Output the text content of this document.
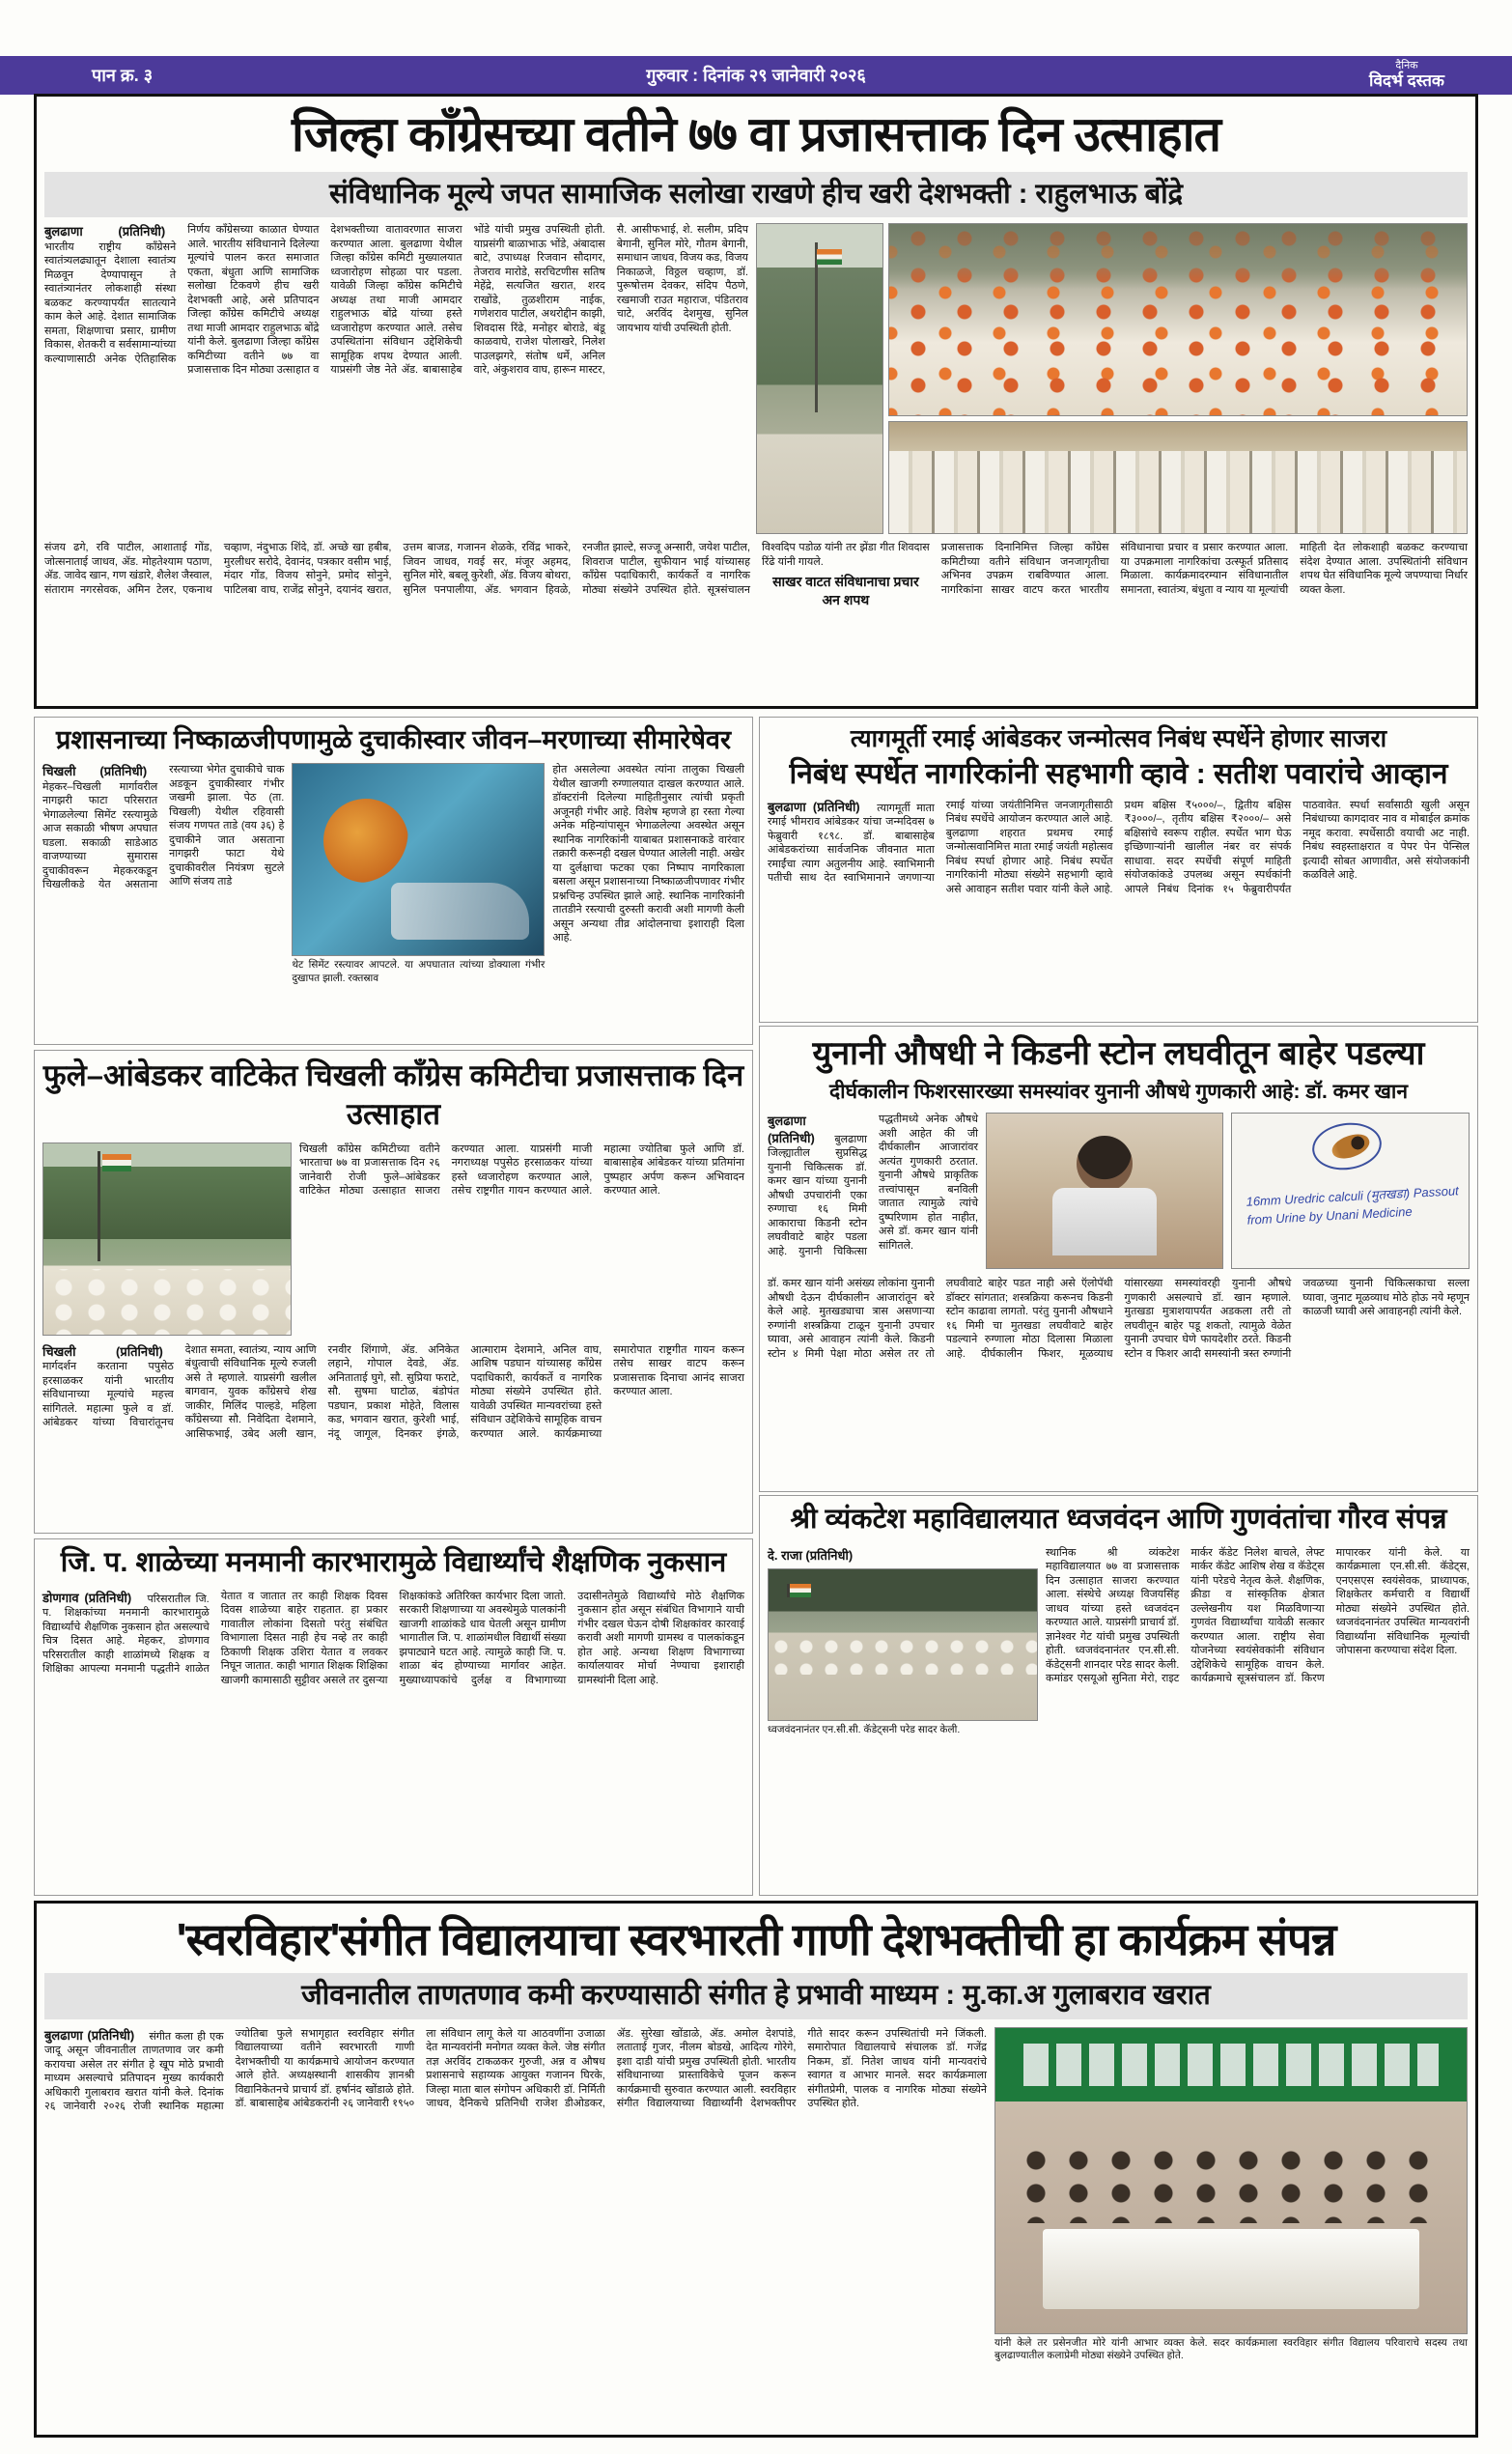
पान क्र. ३	गुरुवार : दिनांक २९ जानेवारी २०२६	दैनिक
विदर्भ दस्तक
जिल्हा काँग्रेसच्या वतीने ७७ वा प्रजासत्ताक दिन उत्साहात
संविधानिक मूल्ये जपत सामाजिक सलोखा राखणे हीच खरी देशभक्ती : राहुलभाऊ बोंद्रे
बुलढाणा (प्रतिनिधी)  भारतीय राष्ट्रीय काँग्रेसने स्वातंत्र्यलढ्यातून देशाला स्वातंत्र्य मिळवून देण्यापासून ते स्वातंत्र्यानंतर लोकशाही संस्था बळकट करण्यापर्यंत सातत्याने काम केले आहे. देशात सामाजिक समता, शिक्षणाचा प्रसार, ग्रामीण विकास, शेतकरी व सर्वसामान्यांच्या कल्याणासाठी अनेक ऐतिहासिक निर्णय काँग्रेसच्या काळात घेण्यात आले. भारतीय संविधानाने दिलेल्या मूल्यांचे पालन करत समाजात एकता, बंधुता आणि सामाजिक सलोखा टिकवणे हीच खरी देशभक्ती आहे, असे प्रतिपादन जिल्हा काँग्रेस कमिटीचे अध्यक्ष तथा माजी आमदार राहुलभाऊ बोंद्रे यांनी केले. बुलढाणा जिल्हा काँग्रेस कमिटीच्या वतीने ७७ वा प्रजासत्ताक दिन मोठ्या उत्साहात व देशभक्तीच्या वातावरणात साजरा करण्यात आला. बुलढाणा येथील जिल्हा काँग्रेस कमिटी मुख्यालयात ध्वजारोहण सोहळा पार पडला. यावेळी जिल्हा काँग्रेस कमिटीचे अध्यक्ष तथा माजी आमदार राहुलभाऊ बोंद्रे यांच्या हस्ते ध्वजारोहण करण्यात आले. तसेच उपस्थितांना संविधान उद्देशिकेची सामूहिक शपथ देण्यात आली. याप्रसंगी जेष्ठ नेते ॲड. बाबासाहेब भोंडे यांची प्रमुख उपस्थिती होती. याप्रसंगी बाळाभाऊ भोंडे, अंबादास बाटे, उपाध्यक्ष रिजवान सौदागर, तेजराव मारोडे, सरचिटणीस सतिष मेहेंद्रे, सत्यजित खरात, शरद राखोंडे, तुळशीराम नाईक, गणेशराव पाटील, अथरोद्दीन काझी, शिवदास रिंढे, मनोहर बोराडे, बंडू काळवाघे, राजेश पोलाखरे, निलेश पाउलझगरे, संतोष धर्मे, अनिल वारे, अंकुशराव वाघ, हारून मास्टर, सै. आसीफभाई, शे. सलीम, प्रदिप बेगानी, सुनिल मोरे, गौतम बेगानी, समाधान जाधव, विजय कड, विजय निकाळजे, विठ्ठल चव्हाण, डॉ. पुरूषोत्तम देवकर, संदिप पैठणे, रखमाजी राउत महाराज, पंडितराव चाटे, अरविंद देशमुख, सुनिल जायभाय यांची उपस्थिती होती.
संजय ढगे, रवि पाटील, आशाताई गोंड, जोत्सनाताई जाधव, ॲड. मोहतेश्याम पठाण, ॲड. जावेद खान, गण खंडारे, शैलेश जैस्वाल, संताराम नगरसेवक, अमिन टेलर, एकनाथ चव्हाण, नंदुभाऊ शिंदे, डॉ. अच्छे खा हबीब, मुरलीधर सरोदे, देवानंद, पत्रकार वसीम भाई, मंदार गोंड, विजय सोनुने, प्रमोद सोनुने, पाटिलबा वाघ, राजेंद्र सोनुने, दयानंद खरात, उत्तम बाजड, गजानन शेळके, रविंद्र भाकरे, जिवन जाधव, गवई सर, मंजूर अहमद, सुनिल मोरे, बबलू कुरेशी, ॲड. विजय बोथरा, सुनिल पनपालीया, ॲड. भगवान हिवळे, रनजीत झाल्टे, सज्जू अन्सारी, जयेश पाटील, शिवराज पाटील, सुफीयान भाई यांच्यासह काँग्रेस पदाधिकारी, कार्यकर्ते व नागरिक मोठ्या संख्येने उपस्थित होते. सूत्रसंचालन विश्वदिप पडोळ यांनी तर झेंडा गीत शिवदास रिंढे यांनी गायले.
साखर वाटत संविधानाचा प्रचार अन शपथ
प्रजासत्ताक दिनानिमित्त जिल्हा काँग्रेस कमिटीच्या वतीने संविधान जनजागृतीचा अभिनव उपक्रम राबविण्यात आला. नागरिकांना साखर वाटप करत भारतीय संविधानाचा प्रचार व प्रसार करण्यात आला. या उपक्रमाला नागरिकांचा उत्स्फूर्त प्रतिसाद मिळाला. कार्यक्रमादरम्यान संविधानातील समानता, स्वातंत्र्य, बंधुता व न्याय या मूल्यांची माहिती देत लोकशाही बळकट करण्याचा संदेश देण्यात आला. उपस्थितांनी संविधान शपथ घेत संविधानिक मूल्ये जपण्याचा निर्धार व्यक्त केला.
प्रशासनाच्या निष्काळजीपणामुळे दुचाकीस्वार जीवन–मरणाच्या सीमारेषेवर
चिखली (प्रतिनिधी)  मेहकर–चिखली मार्गावरील नागझरी फाटा परिसरात भेगाळलेल्या सिमेंट रस्त्यामुळे आज सकाळी भीषण अपघात घडला. सकाळी साडेआठ वाजण्याच्या सुमारास दुचाकीवरून मेहकरकडून चिखलीकडे येत असताना रस्त्याच्या भेगेत दुचाकीचे चाक अडकून दुचाकीस्वार गंभीर जखमी झाला. पेठ (ता. चिखली) येथील रहिवासी संजय गणपत ताडे (वय ३६) हे दुचाकीने जात असताना नागझरी फाटा येथे दुचाकीवरील नियंत्रण सुटले आणि संजय ताडे
थेट सिमेंट रस्त्यावर आपटले. या अपघातात त्यांच्या डोक्याला गंभीर दुखापत झाली. रक्तस्राव
होत असलेल्या अवस्थेत त्यांना तालुका चिखली येथील खाजगी रुग्णालयात दाखल करण्यात आले. डॉक्टरांनी दिलेल्या माहितीनुसार त्यांची प्रकृती अजूनही गंभीर आहे. विशेष म्हणजे हा रस्ता गेल्या अनेक महिन्यांपासून भेगाळलेल्या अवस्थेत असून स्थानिक नागरिकांनी याबाबत प्रशासनाकडे वारंवार तक्रारी करूनही दखल घेण्यात आलेली नाही. अखेर या दुर्लक्षाचा फटका एका निष्पाप नागरिकाला बसला असून प्रशासनाच्या निष्काळजीपणावर गंभीर प्रश्नचिन्ह उपस्थित झाले आहे. स्थानिक नागरिकांनी तातडीने रस्त्याची दुरुस्ती करावी अशी मागणी केली असून अन्यथा तीव्र आंदोलनाचा इशाराही दिला आहे.
त्यागमूर्ती रमाई आंबेडकर जन्मोत्सव निबंध स्पर्धेने होणार साजरा
निबंध स्पर्धेत नागरिकांनी सहभागी व्हावे : सतीश पवारांचे आव्हान
बुलढाणा (प्रतिनिधी)  त्यागमूर्ती माता रमाई भीमराव आंबेडकर यांचा जन्मदिवस ७ फेब्रुवारी १८९८. डॉ. बाबासाहेब आंबेडकरांच्या सार्वजनिक जीवनात माता रमाईंचा त्याग अतुलनीय आहे. स्वाभिमानी पतीची साथ देत स्वाभिमानाने जगणाऱ्या रमाई यांच्या जयंतीनिमित्त जनजागृतीसाठी निबंध स्पर्धेचे आयोजन करण्यात आले आहे. बुलढाणा शहरात प्रथमच रमाई जन्मोत्सवानिमित्त माता रमाई जयंती महोत्सव निबंध स्पर्धा होणार आहे. निबंध स्पर्धेत नागरिकांनी मोठ्या संख्येने सहभागी व्हावे असे आवाहन सतीश पवार यांनी केले आहे. प्रथम बक्षिस ₹५०००/–, द्वितीय बक्षिस ₹३०००/–, तृतीय बक्षिस ₹२०००/– असे बक्षिसांचे स्वरूप राहील. स्पर्धेत भाग घेऊ इच्छिणाऱ्यांनी खालील नंबर वर संपर्क साधावा. सदर स्पर्धेची संपूर्ण माहिती संयोजकांकडे उपलब्ध असून स्पर्धकांनी आपले निबंध दिनांक १५ फेब्रुवारीपर्यंत पाठवावेत. स्पर्धा सर्वांसाठी खुली असून निबंधाच्या कागदावर नाव व मोबाईल क्रमांक नमूद करावा. स्पर्धेसाठी वयाची अट नाही. निबंध स्वहस्ताक्षरात व पेपर पेन पेन्सिल इत्यादी सोबत आणावीत, असे संयोजकांनी कळविले आहे.
युनानी औषधी ने किडनी स्टोन लघवीतून बाहेर पडल्या
दीर्घकालीन फिशरसारख्या समस्यांवर युनानी औषधे गुणकारी आहे: डॉ. कमर खान
बुलढाणा (प्रतिनिधी)  बुलढाणा जिल्ह्यातील सुप्रसिद्ध युनानी चिकित्सक डॉ. कमर खान यांच्या युनानी औषधी उपचारांनी एका रुग्णाचा १६ मिमी आकाराचा किडनी स्टोन लघवीवाटे बाहेर पडला आहे. युनानी चिकित्सा पद्धतीमध्ये अनेक औषधे अशी आहेत की जी दीर्घकालीन आजारांवर अत्यंत गुणकारी ठरतात. युनानी औषधे प्राकृतिक तत्त्वांपासून बनविली जातात त्यामुळे त्यांचे दुष्परिणाम होत नाहीत, असे डॉ. कमर खान यांनी सांगितले.
16mm Uredric calculi (मुतखडा) Passout from Urine by Unani Medicine
डॉ. कमर खान यांनी असंख्य लोकांना युनानी औषधी देऊन दीर्घकालीन आजारांतून बरे केले आहे. मुतखड्याचा त्रास असणाऱ्या रुग्णांनी शस्त्रक्रिया टाळून युनानी उपचार घ्यावा, असे आवाहन त्यांनी केले. किडनी स्टोन ४ मिमी पेक्षा मोठा असेल तर तो लघवीवाटे बाहेर पडत नाही असे ऍलोपॅथी डॉक्टर सांगतात; शस्त्रक्रिया करूनच किडनी स्टोन काढावा लागतो. परंतु युनानी औषधाने १६ मिमी चा मुतखडा लघवीवाटे बाहेर पडल्याने रुग्णाला मोठा दिलासा मिळाला आहे. दीर्घकालीन फिशर, मूळव्याध यांसारख्या समस्यांवरही युनानी औषधे गुणकारी असल्याचे डॉ. खान म्हणाले. मुतखडा मुत्राशयापर्यंत अडकला तरी तो लघवीतून बाहेर पडू शकतो, त्यामुळे वेळेत युनानी उपचार घेणे फायदेशीर ठरते. किडनी स्टोन व फिशर आदी समस्यांनी त्रस्त रुग्णांनी जवळच्या युनानी चिकित्सकाचा सल्ला घ्यावा, जुनाट मूळव्याध मोठे होऊ नये म्हणून काळजी घ्यावी असे आवाहनही त्यांनी केले.
फुले–आंबेडकर वाटिकेत चिखली काँग्रेस कमिटीचा प्रजासत्ताक दिन उत्साहात
चिखली काँग्रेस कमिटीच्या वतीने भारताचा ७७ वा प्रजासत्ताक दिन २६ जानेवारी रोजी फुले–आंबेडकर वाटिकेत मोठ्या उत्साहात साजरा करण्यात आला. याप्रसंगी माजी नगराध्यक्ष पपुसेठ हरसाळकर यांच्या हस्ते ध्वजारोहण करण्यात आले, तसेच राष्ट्रगीत गायन करण्यात आले. महात्मा ज्योतिबा फुले आणि डॉ. बाबासाहेब आंबेडकर यांच्या प्रतिमांना पुष्पहार अर्पण करून अभिवादन करण्यात आले.
चिखली (प्रतिनिधी)  मार्गदर्शन करताना पपुसेठ हरसाळकर यांनी भारतीय संविधानाच्या मूल्यांचे महत्त्व सांगितले. महात्मा फुले व डॉ. आंबेडकर यांच्या विचारांतूनच देशात समता, स्वातंत्र्य, न्याय आणि बंधुत्वाची संविधानिक मूल्ये रुजली असे ते म्हणाले. याप्रसंगी खलील बागवान, युवक काँग्रेसचे शेख जाकीर, मिलिंद पाल्हडे, महिला काँग्रेसच्या सौ. निवेदिता देशमाने, आसिफभाई, उबेद अली खान, रनवीर शिंगाणे, ॲड. अनिकेत लहाने, गोपाल देवडे, ॲड. अनिताताई घुगे, सौ. सुप्रिया फराटे, सौ. सुषमा घाटोळ, बंडोपंत पडघान, प्रकाश मोहेते, विलास कड, भगवान खरात, कुरेशी भाई, नंदू जागूल, दिनकर इंगळे, आत्माराम देशमाने, अनिल वाघ, आशिष पडघान यांच्यासह काँग्रेस पदाधिकारी, कार्यकर्ते व नागरिक मोठ्या संख्येने उपस्थित होते. यावेळी उपस्थित मान्यवरांच्या हस्ते संविधान उद्देशिकेचे सामूहिक वाचन करण्यात आले. कार्यक्रमाच्या समारोपात राष्ट्रगीत गायन करून तसेच साखर वाटप करून प्रजासत्ताक दिनाचा आनंद साजरा करण्यात आला.
श्री व्यंकटेश महाविद्यालयात ध्वजवंदन आणि गुणवंतांचा गौरव संपन्न
दे. राजा (प्रतिनिधी)
ध्वजवंदनानंतर एन.सी.सी. कॅडेट्सनी परेड सादर केली.
स्थानिक श्री व्यंकटेश महाविद्यालयात ७७ वा प्रजासत्ताक दिन उत्साहात साजरा करण्यात आला. संस्थेचे अध्यक्ष विजयसिंह जाधव यांच्या हस्ते ध्वजवंदन करण्यात आले. याप्रसंगी प्राचार्य डॉ. ज्ञानेश्वर गेट यांची प्रमुख उपस्थिती होती. ध्वजवंदनानंतर एन.सी.सी. कॅडेट्सनी शानदार परेड सादर केली. कमांडर एसयूओ सुनिता मेरो, राइट मार्कर कॅडेट निलेश बाचले, लेफ्ट मार्कर कॅडेट आशिष शेख व कॅडेट्स यांनी परेडचे नेतृत्व केले. शैक्षणिक, क्रीडा व सांस्कृतिक क्षेत्रात उल्लेखनीय यश मिळविणाऱ्या गुणवंत विद्यार्थ्यांचा यावेळी सत्कार करण्यात आला. राष्ट्रीय सेवा योजनेच्या स्वयंसेवकांनी संविधान उद्देशिकेचे सामूहिक वाचन केले. कार्यक्रमाचे सूत्रसंचालन डॉ. किरण मापारकर यांनी केले. या कार्यक्रमाला एन.सी.सी. कॅडेट्स, एनएसएस स्वयंसेवक, प्राध्यापक, शिक्षकेतर कर्मचारी व विद्यार्थी मोठ्या संख्येने उपस्थित होते. ध्वजवंदनानंतर उपस्थित मान्यवरांनी विद्यार्थ्यांना संविधानिक मूल्यांची जोपासना करण्याचा संदेश दिला.
जि. प. शाळेच्या मनमानी कारभारामुळे विद्यार्थ्यांचे शैक्षणिक नुकसान
डोणगाव (प्रतिनिधी)  परिसरातील जि. प. शिक्षकांच्या मनमानी कारभारामुळे विद्यार्थ्यांचे शैक्षणिक नुकसान होत असल्याचे चित्र दिसत आहे. मेहकर, डोणगाव परिसरातील काही शाळांमध्ये शिक्षक व शिक्षिका आपल्या मनमानी पद्धतीने शाळेत येतात व जातात तर काही शिक्षक दिवस दिवस शाळेच्या बाहेर राहतात. हा प्रकार गावातील लोकांना दिसतो परंतु संबंधित विभागाला दिसत नाही हेच नव्हे तर काही ठिकाणी शिक्षक उशिरा येतात व लवकर निघून जातात. काही भागात शिक्षक शिक्षिका खाजगी कामासाठी सुट्टीवर असले तर दुसऱ्या शिक्षकांकडे अतिरिक्त कार्यभार दिला जातो. सरकारी शिक्षणाच्या या अवस्थेमुळे पालकांनी खाजगी शाळांकडे धाव घेतली असून ग्रामीण भागातील जि. प. शाळांमधील विद्यार्थी संख्या झपाट्याने घटत आहे. त्यामुळे काही जि. प. शाळा बंद होण्याच्या मार्गावर आहेत. मुख्याध्यापकांचे दुर्लक्ष व विभागाच्या उदासीनतेमुळे विद्यार्थ्यांचे मोठे शैक्षणिक नुकसान होत असून संबंधित विभागाने याची गंभीर दखल घेऊन दोषी शिक्षकांवर कारवाई करावी अशी मागणी ग्रामस्थ व पालकांकडून होत आहे. अन्यथा शिक्षण विभागाच्या कार्यालयावर मोर्चा नेण्याचा इशाराही ग्रामस्थांनी दिला आहे.
'स्वरविहार'संगीत विद्यालयाचा स्वरभारती गाणी देशभक्तीची हा कार्यक्रम संपन्न
जीवनातील ताणतणाव कमी करण्यासाठी संगीत हे प्रभावी माध्यम : मु.का.अ गुलाबराव खरात
बुलढाणा (प्रतिनिधी)  संगीत कला ही एक जादू असून जीवनातील ताणतणाव जर कमी करायचा असेल तर संगीत हे खूप मोठे प्रभावी माध्यम असल्याचे प्रतिपादन मुख्य कार्यकारी अधिकारी गुलाबराव खरात यांनी केले. दिनांक २६ जानेवारी २०२६ रोजी स्थानिक महात्मा ज्योतिबा फुले सभागृहात स्वरविहार संगीत विद्यालयाच्या वतीने स्वरभारती गाणी देशभक्तीची या कार्यक्रमाचे आयोजन करण्यात आले होते. अध्यक्षस्थानी शासकीय ज्ञानश्री विद्यानिकेतनचे प्राचार्य डॉ. हर्षानंद खोंडाळे होते. डॉ. बाबासाहेब आंबेडकरांनी २६ जानेवारी १९५० ला संविधान लागू केले या आठवणींना उजाळा देत मान्यवरांनी मनोगत व्यक्त केले. जेष्ठ संगीत तज्ञ अरविंद टाकळकर गुरुजी, अन्न व औषध प्रशासनाचे सहाय्यक आयुक्त गजानन घिरके, जिल्हा माता बाल संगोपन अधिकारी डॉ. निर्मिती जाधव, दैनिकचे प्रतिनिधी राजेश डीओडकर, ॲड. सुरेखा खोंडाळे, ॲड. अमोल देशपांडे, लताताई गुजर, नीलम बोडखे, आदित्य गोरेगे, इशा दाडी यांची प्रमुख उपस्थिती होती. भारतीय संविधानाच्या प्रास्ताविकेचे पूजन करून कार्यक्रमाची सुरुवात करण्यात आली. स्वरविहार संगीत विद्यालयाच्या विद्यार्थ्यांनी देशभक्तीपर गीते सादर करून उपस्थितांची मने जिंकली. समारोपात विद्यालयाचे संचालक डॉ. गजेंद्र निकम, डॉ. नितेश जाधव यांनी मान्यवरांचे स्वागत व आभार मानले. सदर कार्यक्रमाला संगीतप्रेमी, पालक व नागरिक मोठ्या संख्येने उपस्थित होते.
यांनी केले तर प्रसेनजीत मोरे यांनी आभार व्यक्त केले. सदर कार्यक्रमाला स्वरविहार संगीत विद्यालय परिवाराचे सदस्य तथा बुलढाण्यातील कलाप्रेमी मोठ्या संख्येने उपस्थित होते.
